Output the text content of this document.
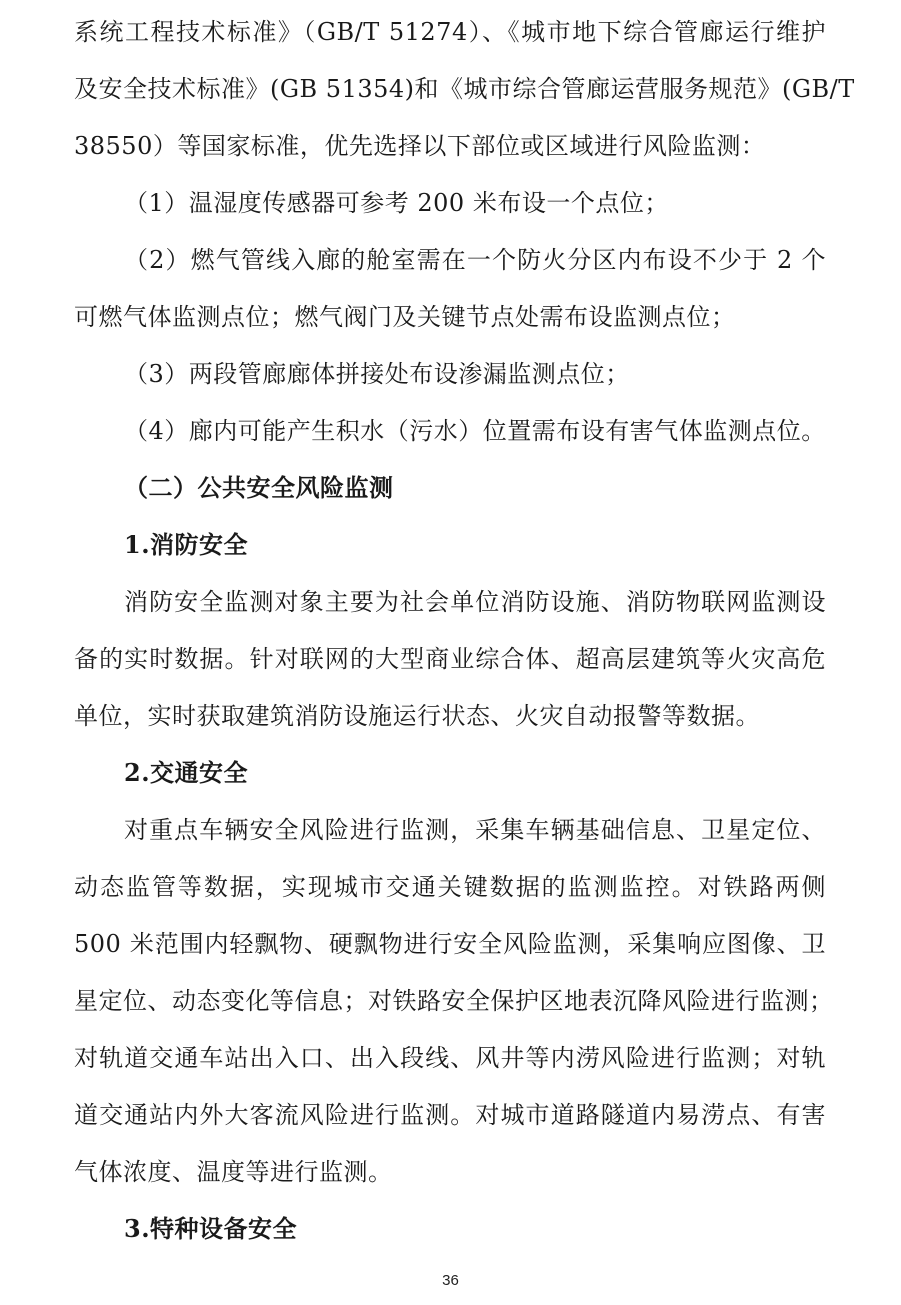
系统工程技术标准》（GB/T 51274）、《城市地下综合管廊运行维护
及安全技术标准》(GB 51354)和《城市综合管廊运营服务规范》(GB/T
38550）等国家标准，优先选择以下部位或区域进行风险监测：
（1）温湿度传感器可参考 200 米布设一个点位；
（2）燃气管线入廊的舱室需在一个防火分区内布设不少于 2 个
可燃气体监测点位；燃气阀门及关键节点处需布设监测点位；
（3）两段管廊廊体拼接处布设渗漏监测点位；
（4）廊内可能产生积水（污水）位置需布设有害气体监测点位。
（二）公共安全风险监测
1.消防安全
消防安全监测对象主要为社会单位消防设施、消防物联网监测设
备的实时数据。针对联网的大型商业综合体、超高层建筑等火灾高危
单位，实时获取建筑消防设施运行状态、火灾自动报警等数据。
2.交通安全
对重点车辆安全风险进行监测，采集车辆基础信息、卫星定位、
动态监管等数据，实现城市交通关键数据的监测监控。对铁路两侧
500 米范围内轻飘物、硬飘物进行安全风险监测，采集响应图像、卫
星定位、动态变化等信息；对铁路安全保护区地表沉降风险进行监测；
对轨道交通车站出入口、出入段线、风井等内涝风险进行监测；对轨
道交通站内外大客流风险进行监测。对城市道路隧道内易涝点、有害
气体浓度、温度等进行监测。
3.特种设备安全
36
